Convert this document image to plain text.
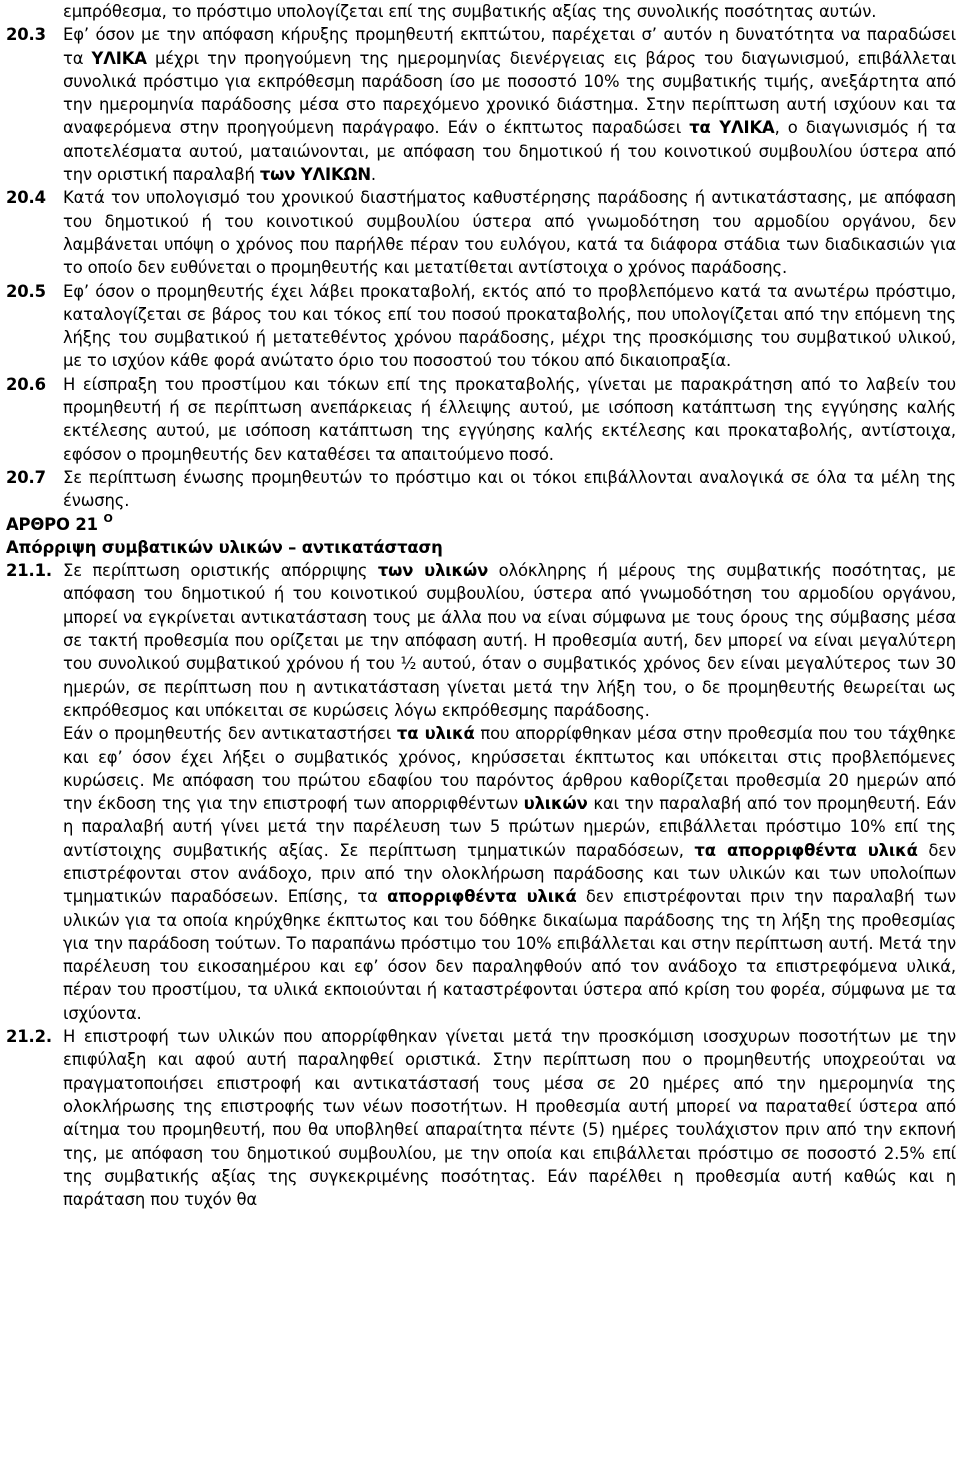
εμπρόθεσμα, το πρόστιμο υπολογίζεται επί της συμβατικής αξίας της συνολικής ποσότητας αυτών.

20.3	Εφ’ όσον με την απόφαση κήρυξης προμηθευτή εκπτώτου, παρέχεται σ’ αυτόν η δυνατότητα να παραδώσει τα ΥΛΙΚΑ μέχρι την προηγούμενη της ημερομηνίας διενέργειας εις βάρος του διαγωνισμού, επιβάλλεται συνολικά πρόστιμο για εκπρόθεσμη παράδοση ίσο με ποσοστό 10% της συμβατικής τιμής, ανεξάρτητα από την ημερομηνία παράδοσης μέσα στο παρεχόμενο χρονικό διάστημα. Στην περίπτωση αυτή ισχύουν και τα αναφερόμενα στην προηγούμενη παράγραφο. Εάν ο έκπτωτος παραδώσει τα ΥΛΙΚΑ, ο διαγωνισμός ή τα αποτελέσματα αυτού, ματαιώνονται, με απόφαση του δημοτικού ή του κοινοτικού συμβουλίου ύστερα από την οριστική παραλαβή των ΥΛΙΚΩΝ.
20.4	Κατά τον υπολογισμό του χρονικού διαστήματος καθυστέρησης παράδοσης ή αντικατάστασης, με απόφαση του δημοτικού ή του κοινοτικού συμβουλίου ύστερα από γνωμοδότηση του αρμοδίου οργάνου, δεν λαμβάνεται υπόψη ο χρόνος που παρήλθε πέραν του ευλόγου, κατά τα διάφορα στάδια των διαδικασιών για το οποίο δεν ευθύνεται ο προμηθευτής και μετατίθεται αντίστοιχα ο χρόνος παράδοσης.
20.5	Εφ’ όσον ο προμηθευτής έχει λάβει προκαταβολή, εκτός από το προβλεπόμενο κατά τα ανωτέρω πρόστιμο, καταλογίζεται σε βάρος του και τόκος επί του ποσού προκαταβολής, που υπολογίζεται από την επόμενη της λήξης του συμβατικού ή μετατεθέντος χρόνου παράδοσης, μέχρι της προσκόμισης του συμβατικού υλικού, με το ισχύον κάθε φορά ανώτατο όριο του ποσοστού του τόκου από δικαιοπραξία.
20.6	Η είσπραξη του προστίμου και τόκων επί της προκαταβολής, γίνεται με παρακράτηση από το λαβείν του προμηθευτή ή σε περίπτωση ανεπάρκειας ή έλλειψης αυτού, με ισόποση κατάπτωση της εγγύησης καλής εκτέλεσης αυτού, με ισόποση κατάπτωση της εγγύησης καλής εκτέλεσης και προκαταβολής, αντίστοιχα, εφόσον ο προμηθευτής δεν καταθέσει τα απαιτούμενο ποσό.
20.7	Σε περίπτωση ένωσης προμηθευτών το πρόστιμο και οι τόκοι επιβάλλονται αναλογικά σε όλα τα μέλη της ένωσης.

ΑΡΘΡΟ 21 $^O$

Απόρριψη συμβατικών υλικών – αντικατάσταση

21.1. Σε περίπτωση οριστικής απόρριψης των υλικών ολόκληρης ή μέρους της συμβατικής ποσότητας, με απόφαση του δημοτικού ή του κοινοτικού συμβουλίου, ύστερα από γνωμοδότηση του αρμοδίου οργάνου, μπορεί να εγκρίνεται αντικατάσταση τους με άλλα που να είναι σύμφωνα με τους όρους της σύμβασης μέσα σε τακτή προθεσμία που ορίζεται με την απόφαση αυτή. Η προθεσμία αυτή, δεν μπορεί να είναι μεγαλύτερη του συνολικού συμβατικού χρόνου ή του ½ αυτού, όταν ο συμβατικός χρόνος δεν είναι μεγαλύτερος των 30 ημερών, σε περίπτωση που η αντικατάσταση γίνεται μετά την λήξη του, ο δε προμηθευτής θεωρείται ως εκπρόθεσμος και υπόκειται σε κυρώσεις λόγω εκπρόθεσμης παράδοσης.

Εάν ο προμηθευτής δεν αντικαταστήσει τα υλικά που απορρίφθηκαν μέσα στην προθεσμία που του τάχθηκε και εφ’ όσον έχει λήξει ο συμβατικός χρόνος, κηρύσσεται έκπτωτος και υπόκειται στις προβλεπόμενες κυρώσεις. Με απόφαση του πρώτου εδαφίου του παρόντος άρθρου καθορίζεται προθεσμία 20 ημερών από την έκδοση της για την επιστροφή των απορριφθέντων υλικών και την παραλαβή από τον προμηθευτή. Εάν η παραλαβή αυτή γίνει μετά την παρέλευση των 5 πρώτων ημερών, επιβάλλεται πρόστιμο 10% επί της αντίστοιχης συμβατικής αξίας. Σε περίπτωση τμηματικών παραδόσεων, τα απορριφθέντα υλικά δεν επιστρέφονται στον ανάδοχο, πριν από την ολοκλήρωση παράδοσης και των υλικών και των υπολοίπων τμηματικών παραδόσεων. Επίσης, τα απορριφθέντα υλικά δεν επιστρέφονται πριν την παραλαβή των υλικών για τα οποία κηρύχθηκε έκπτωτος και του δόθηκε δικαίωμα παράδοσης της τη λήξη της προθεσμίας για την παράδοση τούτων. Το παραπάνω πρόστιμο του 10% επιβάλλεται και στην περίπτωση αυτή. Μετά την παρέλευση του εικοσαημέρου και εφ’ όσον δεν παραληφθούν από τον ανάδοχο τα επιστρεφόμενα υλικά, πέραν του προστίμου, τα υλικά εκποιούνται ή καταστρέφονται ύστερα από κρίση του φορέα, σύμφωνα με τα ισχύοντα.

21.2. Η επιστροφή των υλικών που απορρίφθηκαν γίνεται μετά την προσκόμιση ισοσχυρων ποσοτήτων με την επιφύλαξη και αφού αυτή παραληφθεί οριστικά. Στην περίπτωση που ο προμηθευτής υποχρεούται να πραγματοποιήσει επιστροφή και αντικατάστασή τους μέσα σε 20 ημέρες από την ημερομηνία της ολοκλήρωσης της επιστροφής των νέων ποσοτήτων. Η προθεσμία αυτή μπορεί να παραταθεί ύστερα από αίτημα του προμηθευτή, που θα υποβληθεί απαραίτητα πέντε (5) ημέρες τουλάχιστον πριν από την εκπονή της, με απόφαση του δημοτικού συμβουλίου, με την οποία και επιβάλλεται πρόστιμο σε ποσοστό 2.5% επί της συμβατικής αξίας της συγκεκριμένης ποσότητας. Εάν παρέλθει η προθεσμία αυτή καθώς και η παράταση που τυχόν θα
